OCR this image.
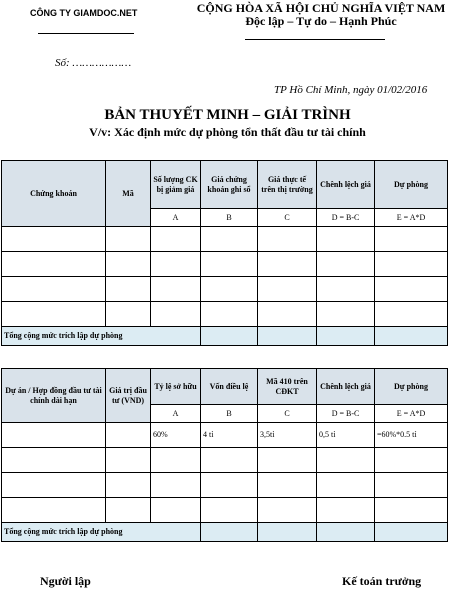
CÔNG TY GIAMDOC.NET	CỘNG HÒA XÃ HỘI CHỦ NGHĨA VIỆT NAM
Độc lập – Tự do – Hạnh Phúc
Số: ………………
TP Hồ Chí Minh, ngày 01/02/2016
BẢN THUYẾT MINH – GIẢI TRÌNH
V/v: Xác định mức dự phòng tổn thất đầu tư tài chính
Chứng khoán	Mã	Số lượng CK bị giảm giá	Giá chứng khoán ghi sổ	Giá thực tế trên thị trường	Chênh lệch giá	Dự phòng
		A	B	C	D = B-C	E = A*D

Tổng cộng mức trích lập dự phòng						
Dự án / Hợp đồng đầu tư tài chính dài hạn	Giá trị đầu tư (VND)	Tỷ lệ sở hữu	Vốn điều lệ	Mã 410 trên CĐKT	Chênh lệch giá	Dự phòng
		A	B	C	D = B-C	E = A*D
		60%	4 tỉ	3,5tỉ	0,5 tỉ	=60%*0.5 tỉ

Tổng cộng mức trích lập dự phòng						
Người lập	Kế toán trưởng
